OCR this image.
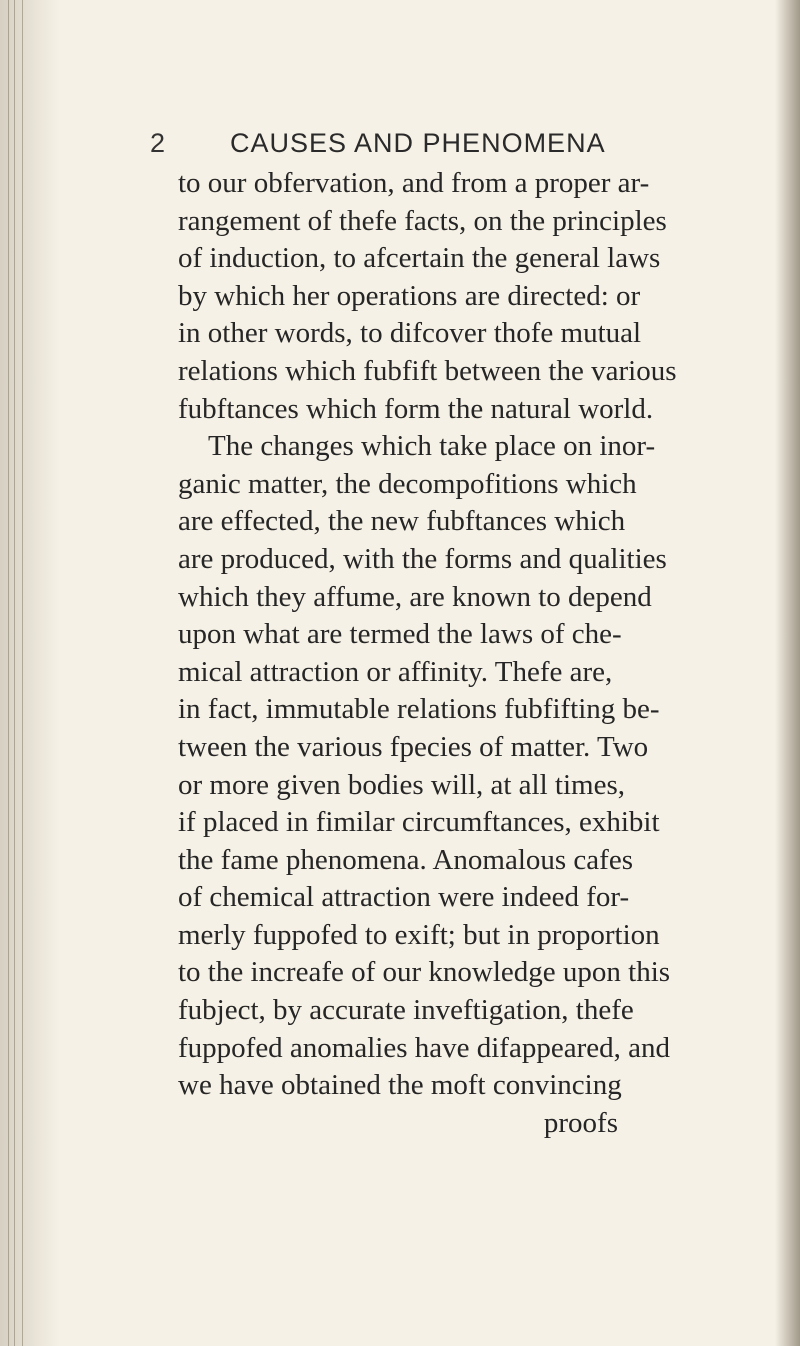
2 CAUSES AND PHENOMENA
to our obfervation, and from a proper ar-
rangement of thefe facts, on the principles
of induction, to afcertain the general laws
by which her operations are directed: or
in other words, to difcover thofe mutual
relations which fubfift between the various
fubftances which form the natural world.
The changes which take place on inor-
ganic matter, the decompofitions which
are effected, the new fubftances which
are produced, with the forms and qualities
which they affume, are known to depend
upon what are termed the laws of che-
mical attraction or affinity. Thefe are,
in fact, immutable relations fubfifting be-
tween the various fpecies of matter. Two
or more given bodies will, at all times,
if placed in fimilar circumftances, exhibit
the fame phenomena. Anomalous cafes
of chemical attraction were indeed for-
merly fuppofed to exift; but in proportion
to the increafe of our knowledge upon this
fubject, by accurate inveftigation, thefe
fuppofed anomalies have difappeared, and
we have obtained the moft convincing
proofs
